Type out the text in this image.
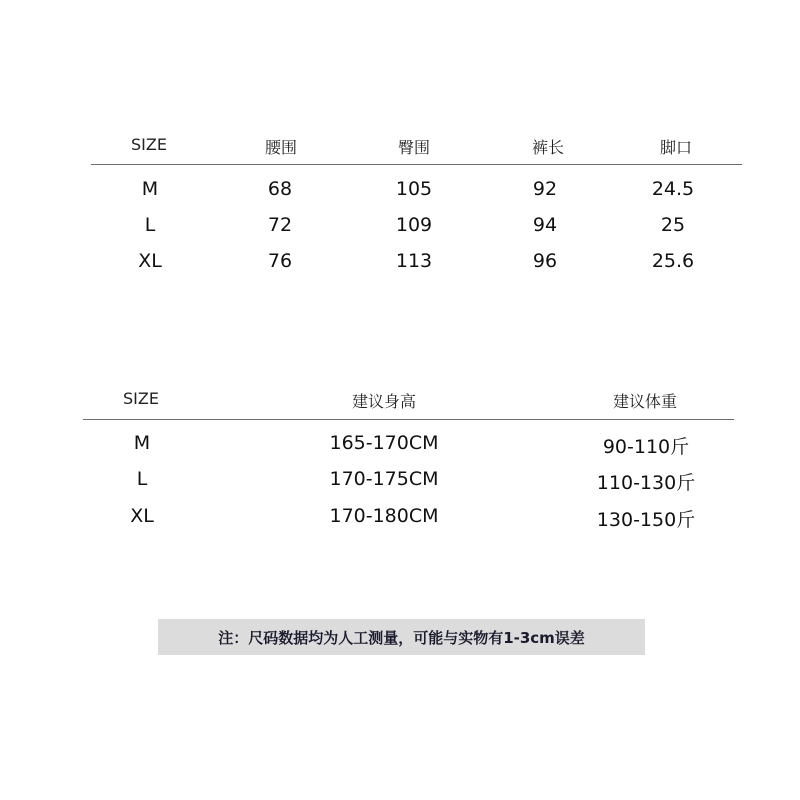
SIZE	腰围	臀围	裤长	脚口
M	68	105	92	24.5
L	72	109	94	25
XL	76	113	96	25.6
SIZE	建议身高	建议体重
M	165-170CM	90-110斤
L	170-175CM	110-130斤
XL	170-180CM	130-150斤
注：尺码数据均为人工测量，可能与实物有1-3cm误差
